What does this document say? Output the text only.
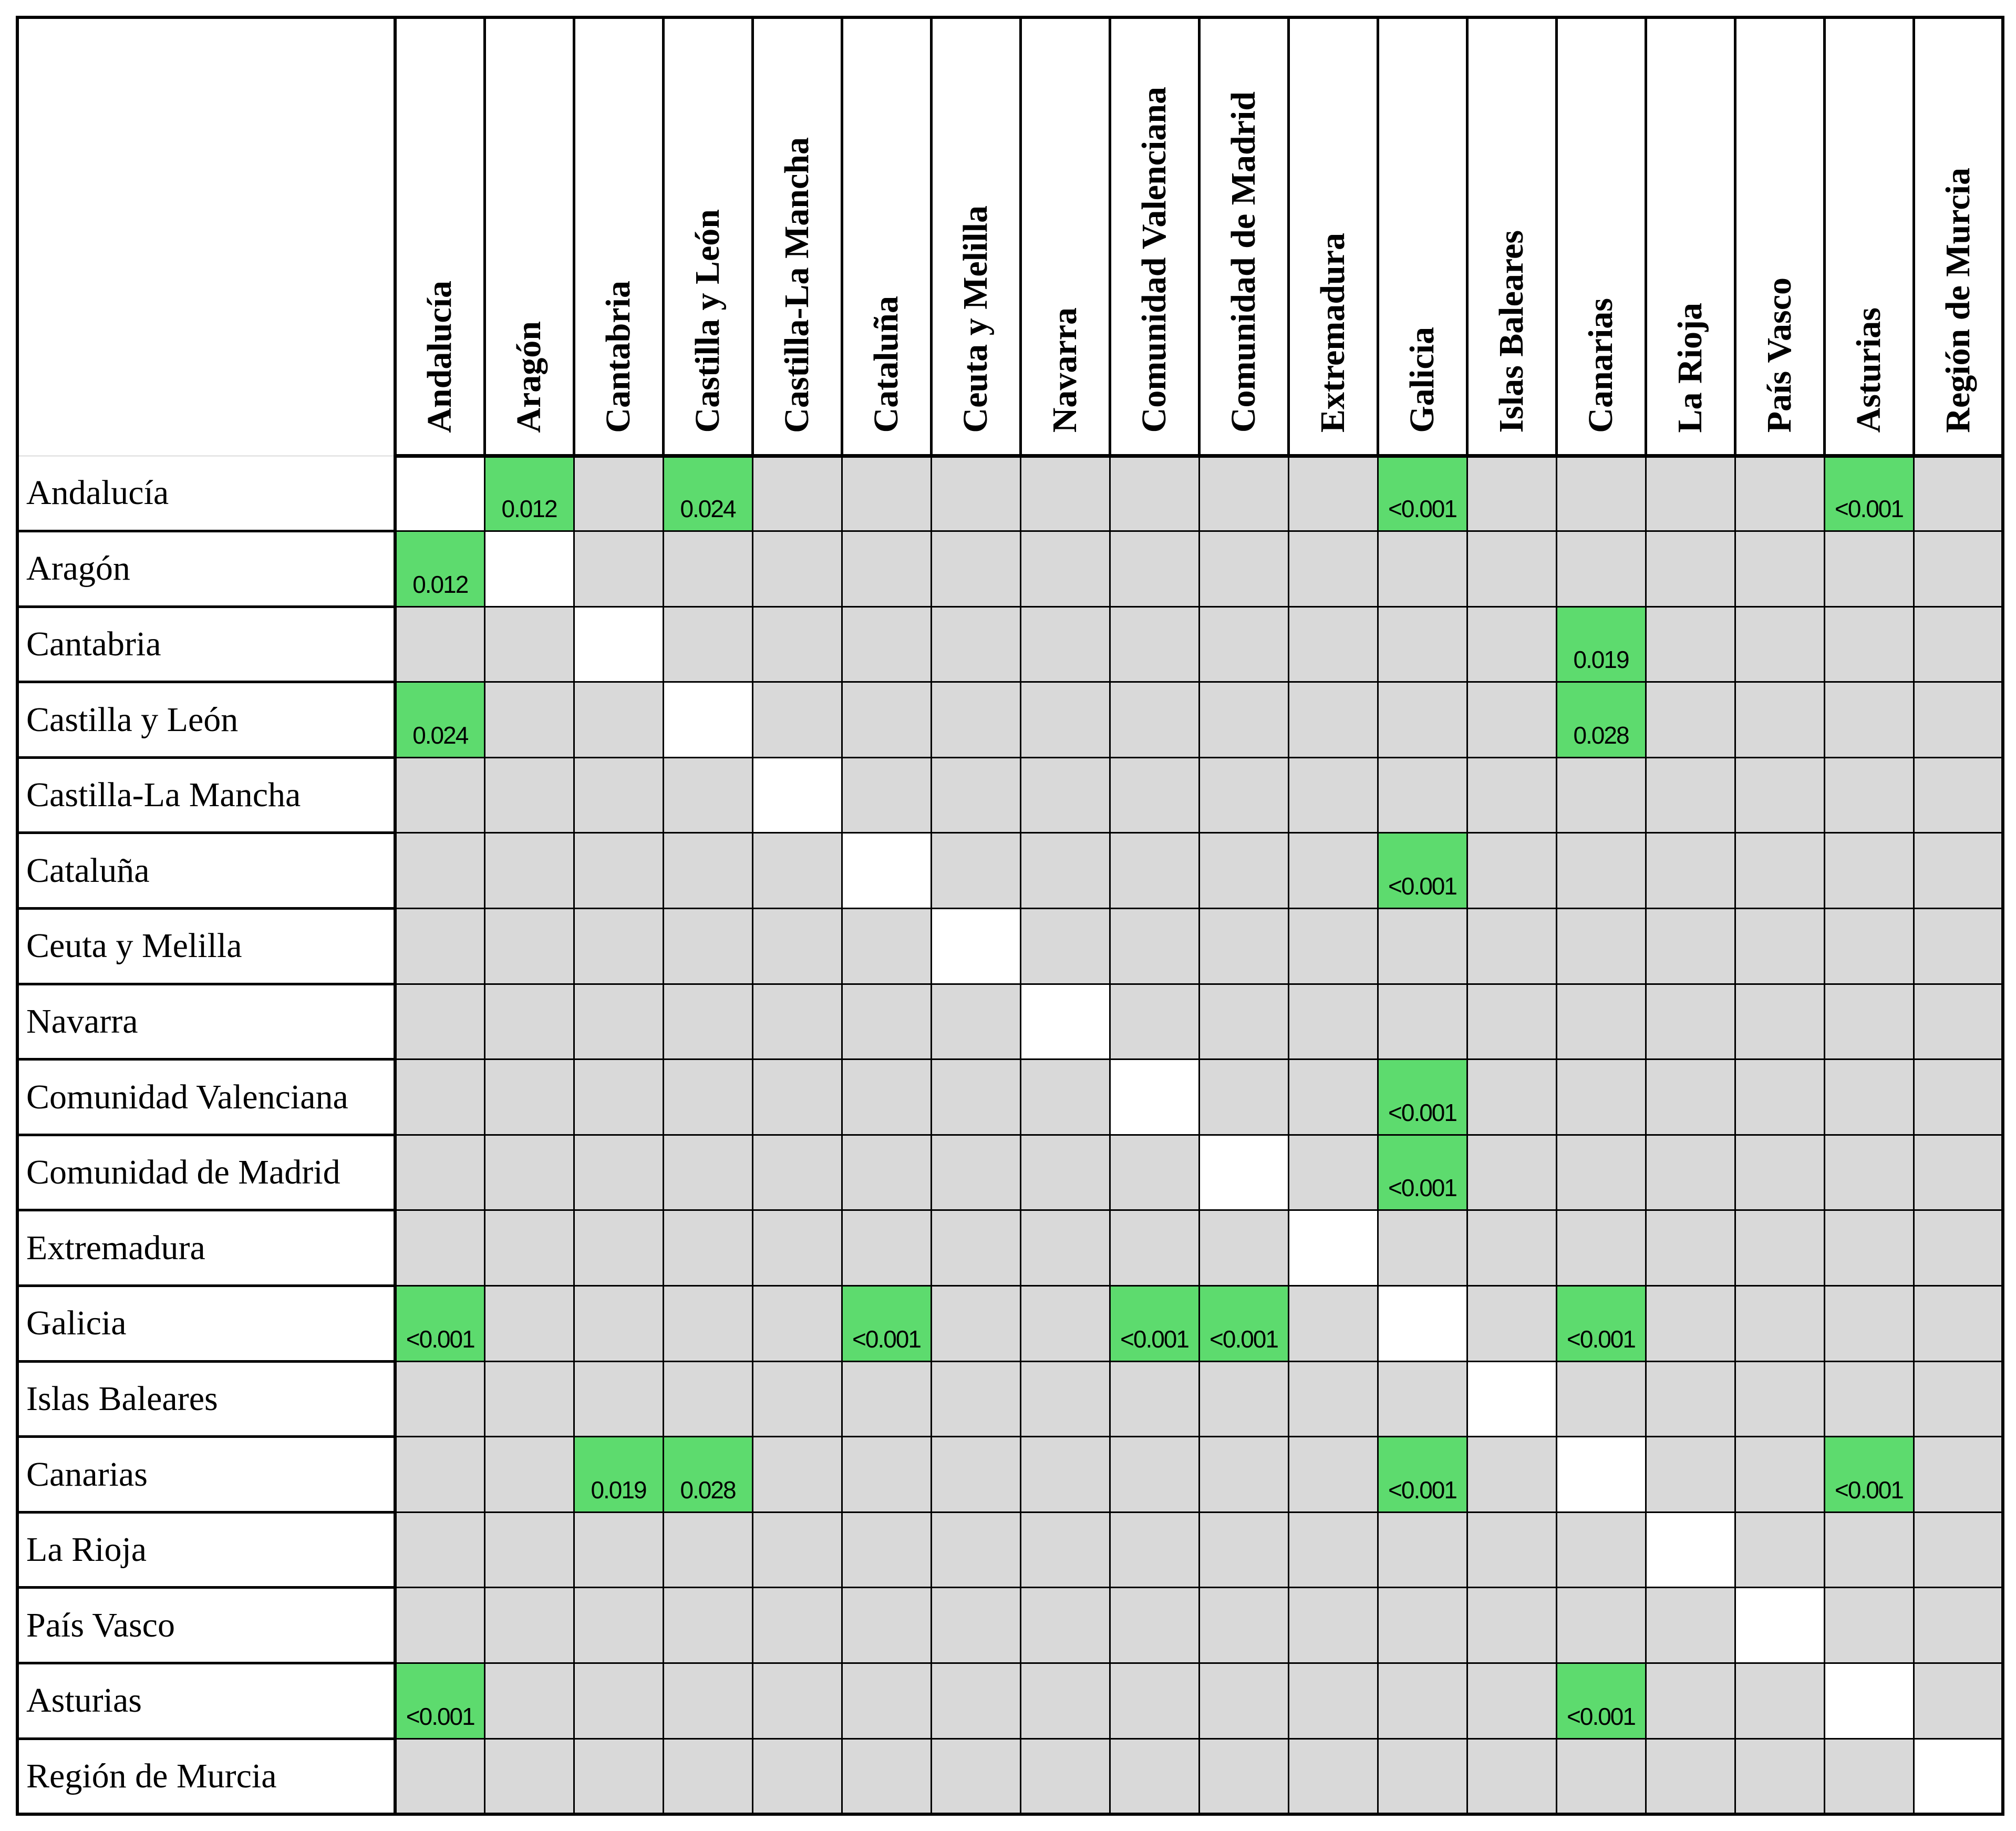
	Andalucía	Aragón	Cantabria	Castilla y León	Castilla-La Mancha	Cataluña	Ceuta y Melilla	Navarra	Comunidad Valenciana	Comunidad de Madrid	Extremadura	Galicia	Islas Baleares	Canarias	La Rioja	País Vasco	Asturias	Región de Murcia

Andalucía		0.012		0.024								<0.001					<0.001	

Aragón	0.012																	

Cantabria														0.019				

Castilla y León	0.024													0.028				

Castilla-La Mancha																		
Cataluña												<0.001						

Ceuta y Melilla																		
Navarra																		
Comunidad Valenciana												<0.001						

Comunidad de Madrid												<0.001						

Extremadura																		
Galicia	<0.001					<0.001			<0.001	<0.001				<0.001				

Islas Baleares																		
Canarias			0.019	0.028								<0.001					<0.001	

La Rioja																		
País Vasco																		
Asturias	<0.001													<0.001				

Región de Murcia																		
